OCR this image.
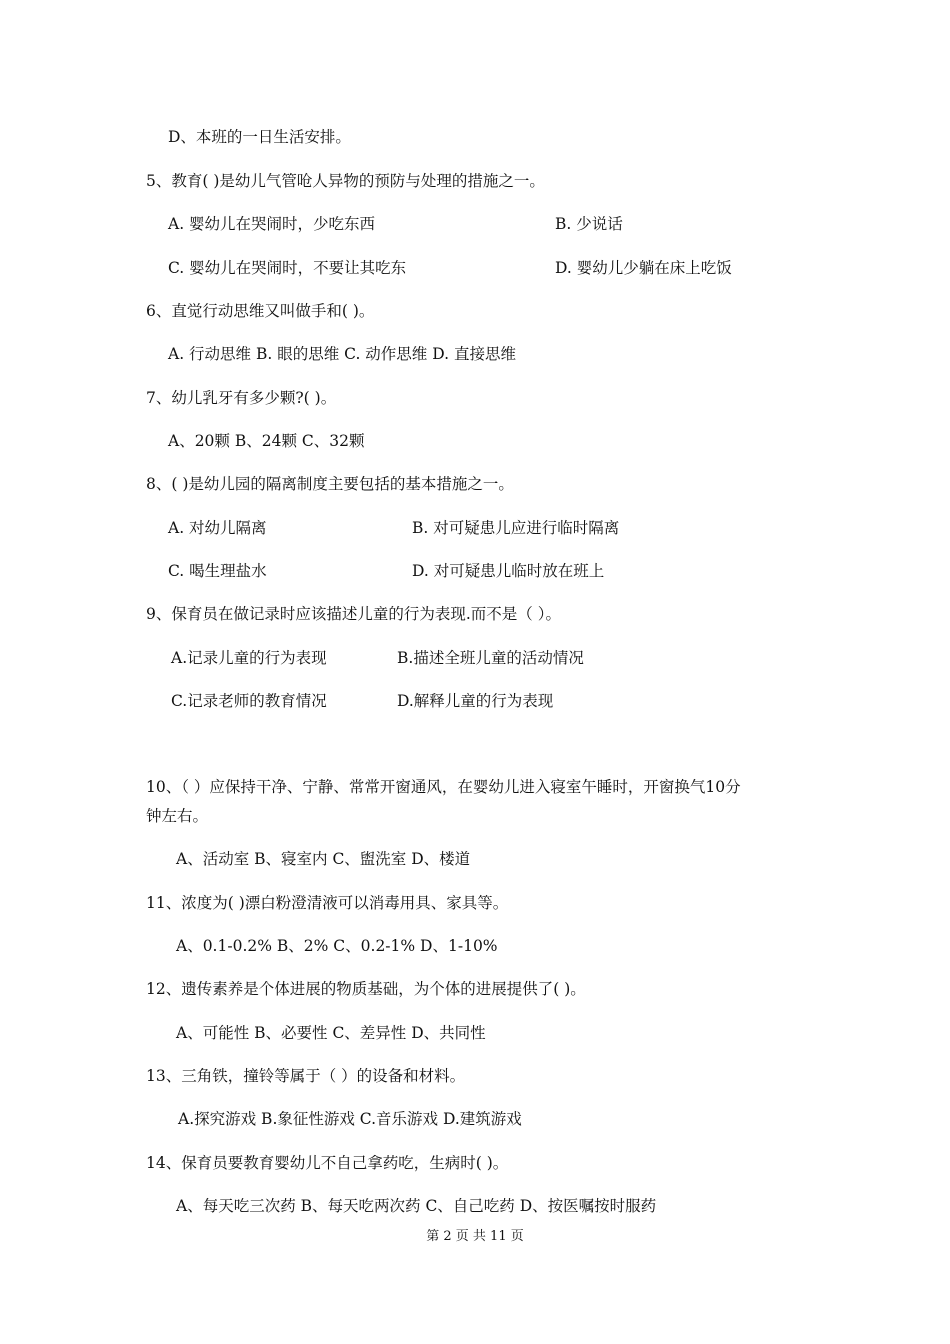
D、本班的一日生活安排。
5、教育( )是幼儿气管呛人异物的预防与处理的措施之一。
A. 婴幼儿在哭闹时，少吃东西	B. 少说话
C. 婴幼儿在哭闹时，不要让其吃东	D. 婴幼儿少躺在床上吃饭
6、直觉行动思维又叫做手和( )。
A. 行动思维 B. 眼的思维 C. 动作思维 D. 直接思维
7、幼儿乳牙有多少颗?( )。
A、20颗 B、24颗 C、32颗
8、( )是幼儿园的隔离制度主要包括的基本措施之一。
A. 对幼儿隔离	B. 对可疑患儿应进行临时隔离
C. 喝生理盐水	D. 对可疑患儿临时放在班上
9、保育员在做记录时应该描述儿童的行为表现.而不是（ ）。
A.记录儿童的行为表现	B.描述全班儿童的活动情况
C.记录老师的教育情况	D.解释儿童的行为表现
10、（ ）应保持干净、宁静、常常开窗通风，在婴幼儿进入寝室午睡时，开窗换气10分
钟左右。
A、活动室 B、寝室内 C、盥洗室 D、楼道
11、浓度为( )漂白粉澄清液可以消毒用具、家具等。
A、0.1-0.2% B、2% C、0.2-1% D、1-10%
12、遗传素养是个体进展的物质基础，为个体的进展提供了( )。
A、可能性 B、必要性 C、差异性 D、共同性
13、三角铁，撞铃等属于（ ）的设备和材料。
A.探究游戏 B.象征性游戏 C.音乐游戏 D.建筑游戏
14、保育员要教育婴幼儿不自己拿药吃，生病时( )。
A、每天吃三次药 B、每天吃两次药 C、自己吃药 D、按医嘱按时服药
第 2 页 共 11 页
